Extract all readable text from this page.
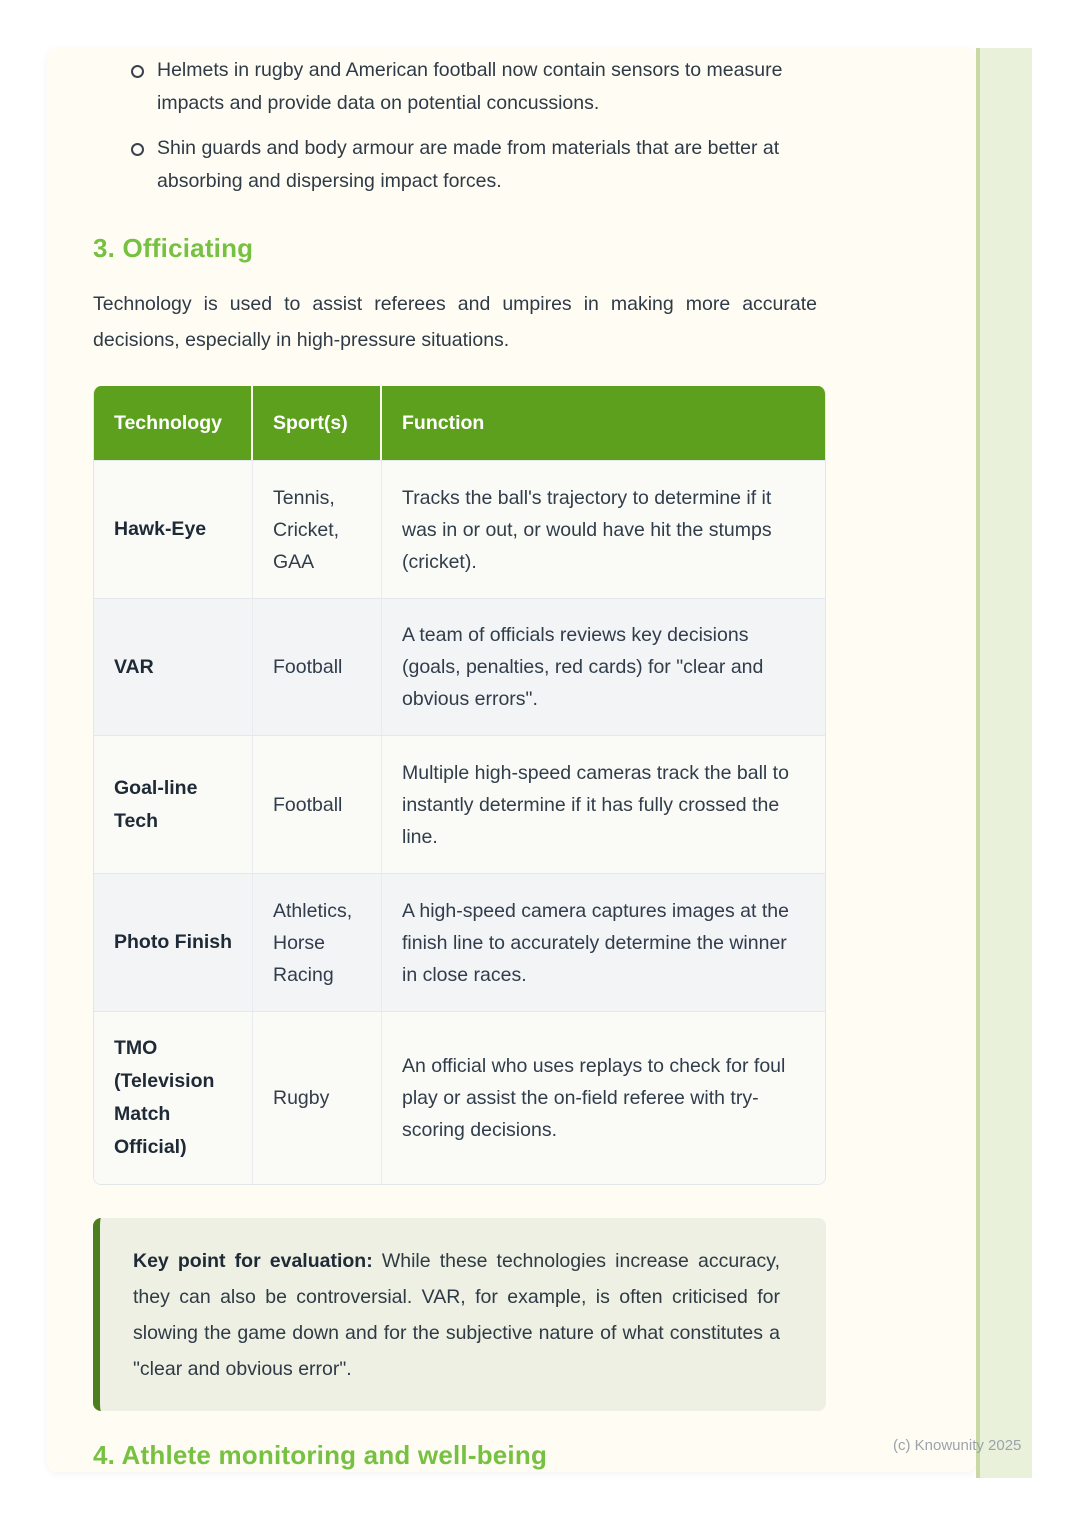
Helmets in rugby and American football now contain sensors to measure impacts and provide data on potential concussions.
Shin guards and body armour are made from materials that are better at absorbing and dispersing impact forces.
3. Officiating

Technology is used to assist referees and umpires in making more accurate decisions, especially in high-pressure situations.

Technology	Sport(s)	Function
Hawk-Eye	Tennis, Cricket, GAA	Tracks the ball's trajectory to determine if it was in or out, or would have hit the stumps (cricket).
VAR	Football	A team of officials reviews key decisions (goals, penalties, red cards) for "clear and obvious errors".
Goal-line Tech	Football	Multiple high-speed cameras track the ball to instantly determine if it has fully crossed the line.
Photo Finish	Athletics, Horse Racing	A high-speed camera captures images at the finish line to accurately determine the winner in close races.
TMO (Television Match Official)	Rugby	An official who uses replays to check for foul play or assist the on-field referee with try-scoring decisions.

Key point for evaluation: While these technologies increase accuracy, they can also be controversial. VAR, for example, is often criticised for slowing the game down and for the subjective nature of what constitutes a "clear and obvious error".

4. Athlete monitoring and well-being	(c) Knowunity 2025
